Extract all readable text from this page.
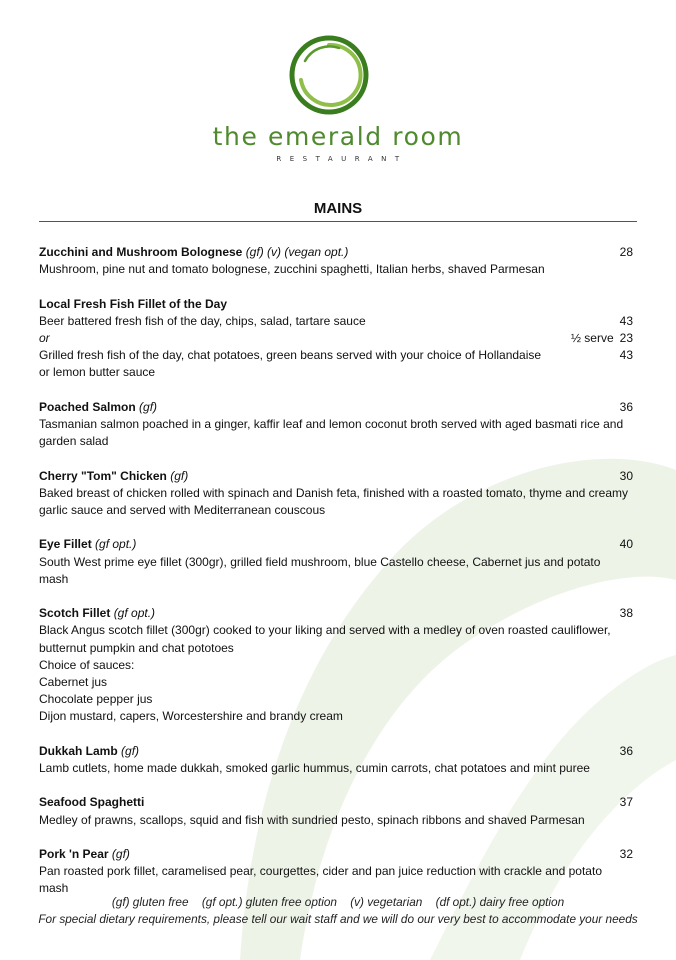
the emerald room
RESTAURANT
MAINS
Zucchini and Mushroom Bolognese (gf) (v) (vegan opt.)	28
Mushroom, pine nut and tomato bolognese, zucchini spaghetti, Italian herbs, shaved Parmesan
Local Fresh Fish Fillet of the Day
Beer battered fresh fish of the day, chips, salad, tartare sauce	43
or	½ serve 23
Grilled fresh fish of the day, chat potatoes, green beans served with your choice of Hollandaise	43
or lemon butter sauce
Poached Salmon (gf)	36
Tasmanian salmon poached in a ginger, kaffir leaf and lemon coconut broth served with aged basmati rice and
garden salad
Cherry "Tom" Chicken (gf)	30
Baked breast of chicken rolled with spinach and Danish feta, finished with a roasted tomato, thyme and creamy
garlic sauce and served with Mediterranean couscous
Eye Fillet (gf opt.)	40
South West prime eye fillet (300gr), grilled field mushroom, blue Castello cheese, Cabernet jus and potato mash
Scotch Fillet (gf opt.)	38
Black Angus scotch fillet (300gr) cooked to your liking and served with a medley of oven roasted cauliflower,
butternut pumpkin and chat pototoes
Choice of sauces:
Cabernet jus
Chocolate pepper jus
Dijon mustard, capers, Worcestershire and brandy cream
Dukkah Lamb (gf)	36
Lamb cutlets, home made dukkah, smoked garlic hummus, cumin carrots, chat potatoes and mint puree
Seafood Spaghetti	37
Medley of prawns, scallops, squid and fish with sundried pesto, spinach ribbons and shaved Parmesan
Pork 'n Pear (gf)	32
Pan roasted pork fillet, caramelised pear, courgettes, cider and pan juice reduction with crackle and potato mash
(gf) gluten free (gf opt.) gluten free option (v) vegetarian (df opt.) dairy free option
For special dietary requirements, please tell our wait staff and we will do our very best to accommodate your needs
